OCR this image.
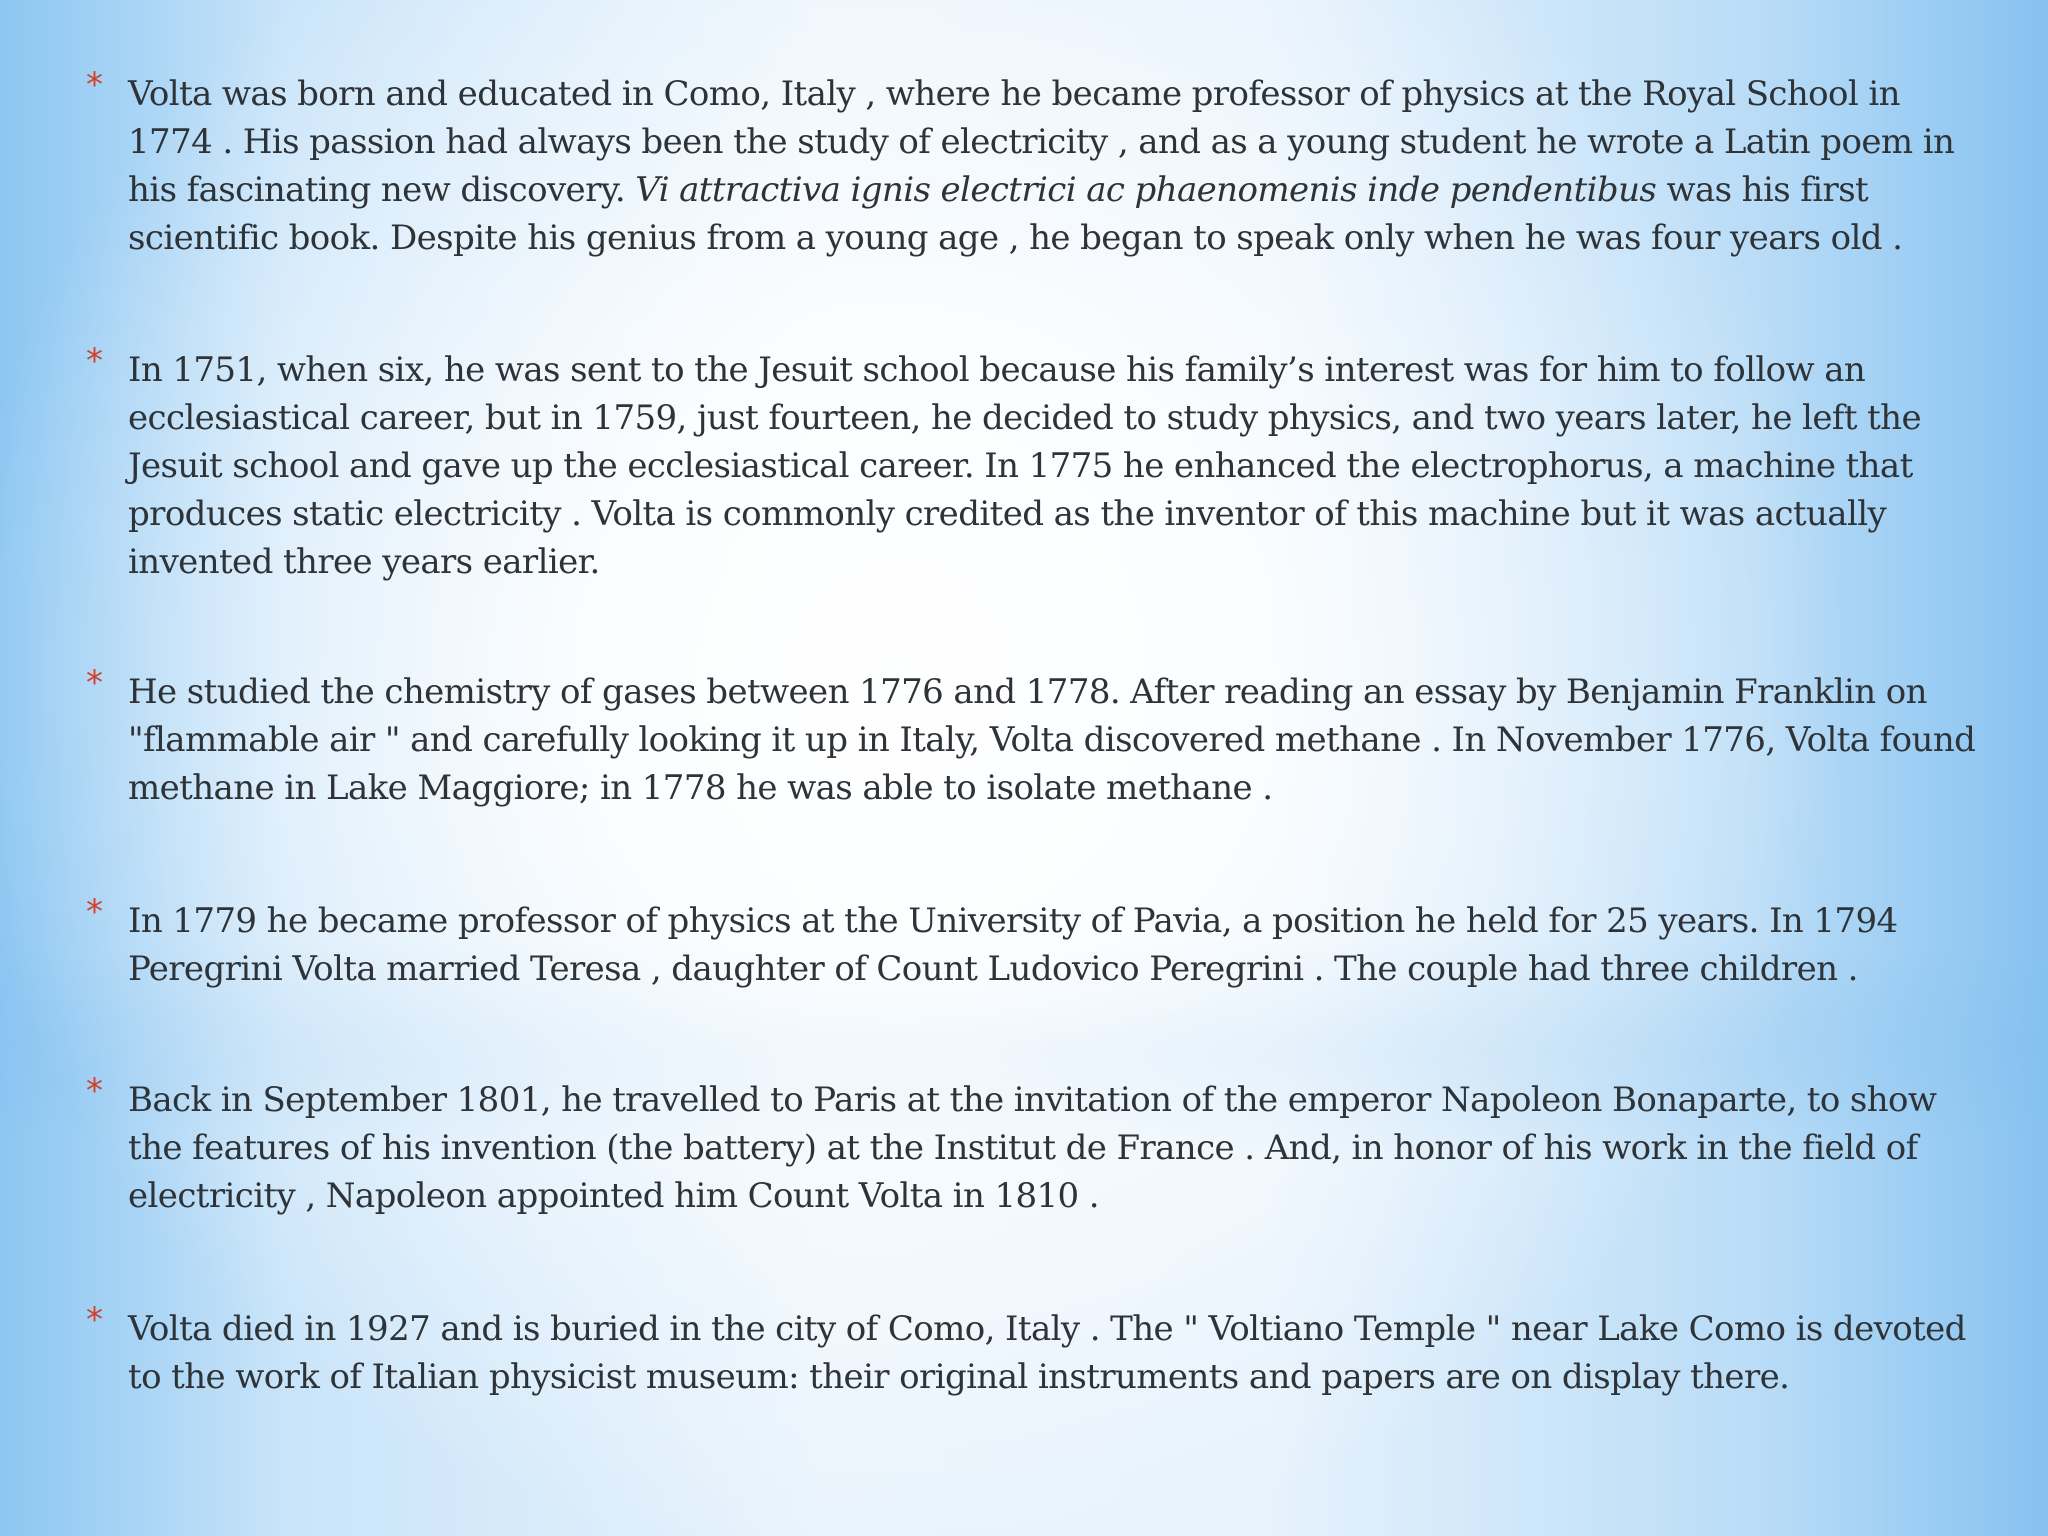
* Volta was born and educated in Como, Italy , where he became professor of physics at the Royal School in 1774 . His passion had always been the study of electricity , and as a young student he wrote a Latin poem in his fascinating new discovery. Vi attractiva ignis electrici ac phaenomenis inde pendentibus was his first scientific book. Despite his genius from a young age , he began to speak only when he was four years old .
* In 1751, when six, he was sent to the Jesuit school because his family’s interest was for him to follow an ecclesiastical career, but in 1759, just fourteen, he decided to study physics, and two years later, he left the Jesuit school and gave up the ecclesiastical career. In 1775 he enhanced the electrophorus, a machine that produces static electricity . Volta is commonly credited as the inventor of this machine but it was actually invented three years earlier.
* He studied the chemistry of gases between 1776 and 1778. After reading an essay by Benjamin Franklin on "flammable air " and carefully looking it up in Italy, Volta discovered methane . In November 1776, Volta found methane in Lake Maggiore; in 1778 he was able to isolate methane .
* In 1779 he became professor of physics at the University of Pavia, a position he held for 25 years. In 1794 Peregrini Volta married Teresa , daughter of Count Ludovico Peregrini . The couple had three children .
* Back in September 1801, he travelled to Paris at the invitation of the emperor Napoleon Bonaparte, to show the features of his invention (the battery) at the Institut de France . And, in honor of his work in the field of electricity , Napoleon appointed him Count Volta in 1810 .
* Volta died in 1927 and is buried in the city of Como, Italy . The " Voltiano Temple " near Lake Como is devoted to the work of Italian physicist museum: their original instruments and papers are on display there.
